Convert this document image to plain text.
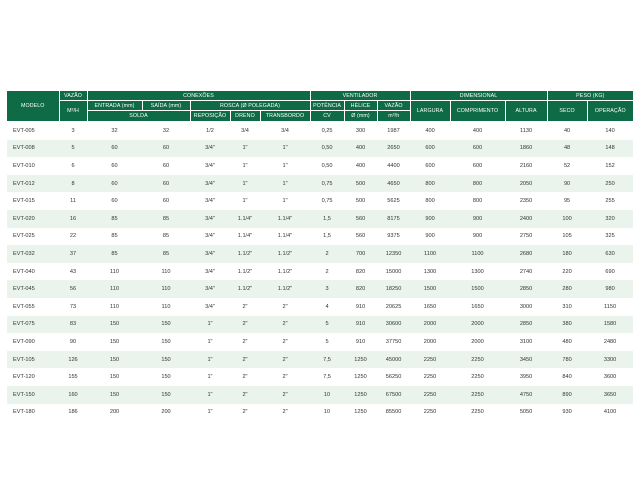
MODELO	VAZÃO	CONEXÕES					VENTILADOR			DIMENSIONAL			PESO (KG)	
	M³/H	ENTRADA (mm)	SAÍDA (mm)	ROSCA (Ø POLEGADA)			POTÊNCIA	HÉLICE	VAZÃO	LARGURA	COMPRIMENTO	ALTURA	SECO	OPERAÇÃO
		SOLDA		REPOSIÇÃO	DRENO	TRANSBORDO	CV	Ø (mm)	m³/h					
EVT-005	3	32	32	1/2	3/4	3/4	0,25	300	1987	400	400	1130	40	140
EVT-008	5	60	60	3/4"	1"	1"	0,50	400	2650	600	600	1860	48	148
EVT-010	6	60	60	3/4"	1"	1"	0,50	400	4400	600	600	2160	52	152
EVT-012	8	60	60	3/4"	1"	1"	0,75	500	4650	800	800	2050	90	250
EVT-015	11	60	60	3/4"	1"	1"	0,75	500	5625	800	800	2350	95	255
EVT-020	16	85	85	3/4"	1.1/4"	1.1/4"	1,5	560	8175	900	900	2400	100	320
EVT-025	22	85	85	3/4"	1.1/4"	1.1/4"	1,5	560	9375	900	900	2750	105	325
EVT-032	37	85	85	3/4"	1.1/2"	1.1/2"	2	700	12350	1100	1100	2680	180	630
EVT-040	43	110	110	3/4"	1.1/2"	1.1/2"	2	820	15000	1300	1300	2740	220	690
EVT-045	56	110	110	3/4"	1.1/2"	1.1/2"	3	820	18250	1500	1500	2850	280	980
EVT-055	73	110	110	3/4"	2"	2"	4	910	20625	1650	1650	3000	310	1150
EVT-075	83	150	150	1"	2"	2"	5	910	30600	2000	2000	2850	380	1580
EVT-090	90	150	150	1"	2"	2"	5	910	37750	2000	2000	3100	480	2480
EVT-105	126	150	150	1"	2"	2"	7,5	1250	45000	2250	2250	3450	780	3300
EVT-120	155	150	150	1"	2"	2"	7,5	1250	56250	2250	2250	3950	840	3600
EVT-150	160	150	150	1"	2"	2"	10	1250	67500	2250	2250	4750	890	3650
EVT-180	186	200	200	1"	2"	2"	10	1250	85500	2250	2250	5050	930	4100
